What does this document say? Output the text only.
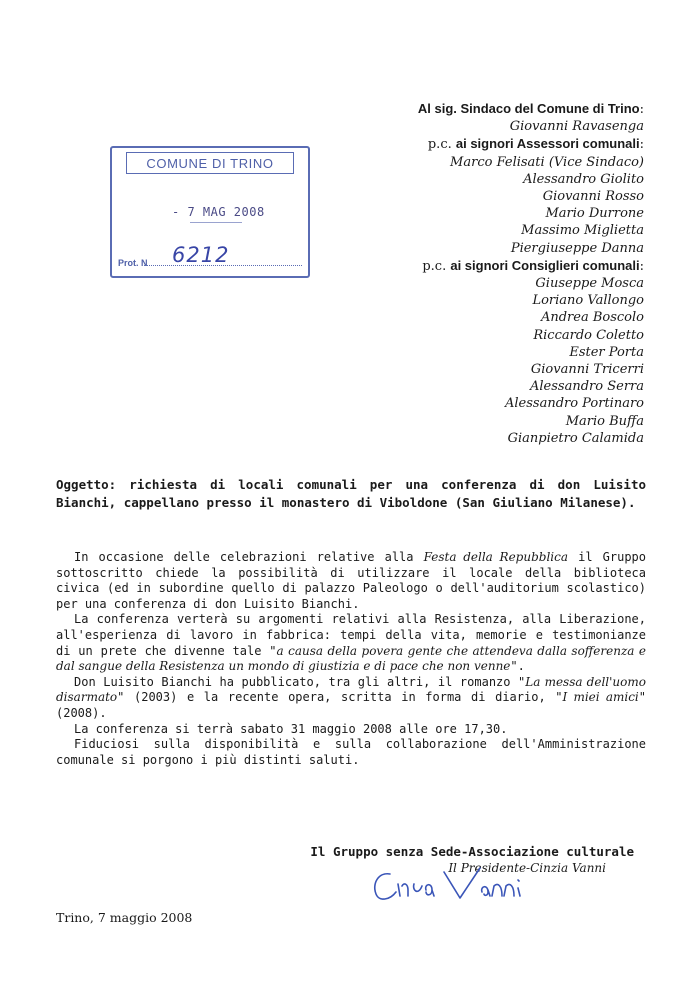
Al sig. Sindaco del Comune di Trino:
Giovanni Ravasenga
p.c. ai signori Assessori comunali:
Marco Felisati (Vice Sindaco)
Alessandro Giolito
Giovanni Rosso
Mario Durrone
Massimo Miglietta
Piergiuseppe Danna
p.c. ai signori Consiglieri comunali:
Giuseppe Mosca
Loriano Vallongo
Andrea Boscolo
Riccardo Coletto
Ester Porta
Giovanni Tricerri
Alessandro Serra
Alessandro Portinaro
Mario Buffa
Gianpietro Calamida
COMUNE DI TRINO
- 7 MAG 2008
6212
Prot. N
Oggetto: richiesta di locali comunali per una conferenza di don Luisito Bianchi, cappellano presso il monastero di Viboldone (San Giuliano Milanese).

In occasione delle celebrazioni relative alla Festa della Repubblica il Gruppo sottoscritto chiede la possibilità di utilizzare il locale della biblioteca civica (ed in subordine quello di palazzo Paleologo o dell'auditorium scolastico) per una conferenza di don Luisito Bianchi.

La conferenza verterà su argomenti relativi alla Resistenza, alla Liberazione, all'esperienza di lavoro in fabbrica: tempi della vita, memorie e testimonianze di un prete che divenne tale "a causa della povera gente che attendeva dalla sofferenza e dal sangue della Resistenza un mondo di giustizia e di pace che non venne".

Don Luisito Bianchi ha pubblicato, tra gli altri, il romanzo "La messa dell'uomo disarmato" (2003) e la recente opera, scritta in forma di diario, "I miei amici" (2008).

La conferenza si terrà sabato 31 maggio 2008 alle ore 17,30.

Fiduciosi sulla disponibilità e sulla collaborazione dell'Amministrazione comunale si porgono i più distinti saluti.

Il Gruppo senza Sede-Associazione culturale
Il Presidente-Cinzia Vanni
Trino, 7 maggio 2008
